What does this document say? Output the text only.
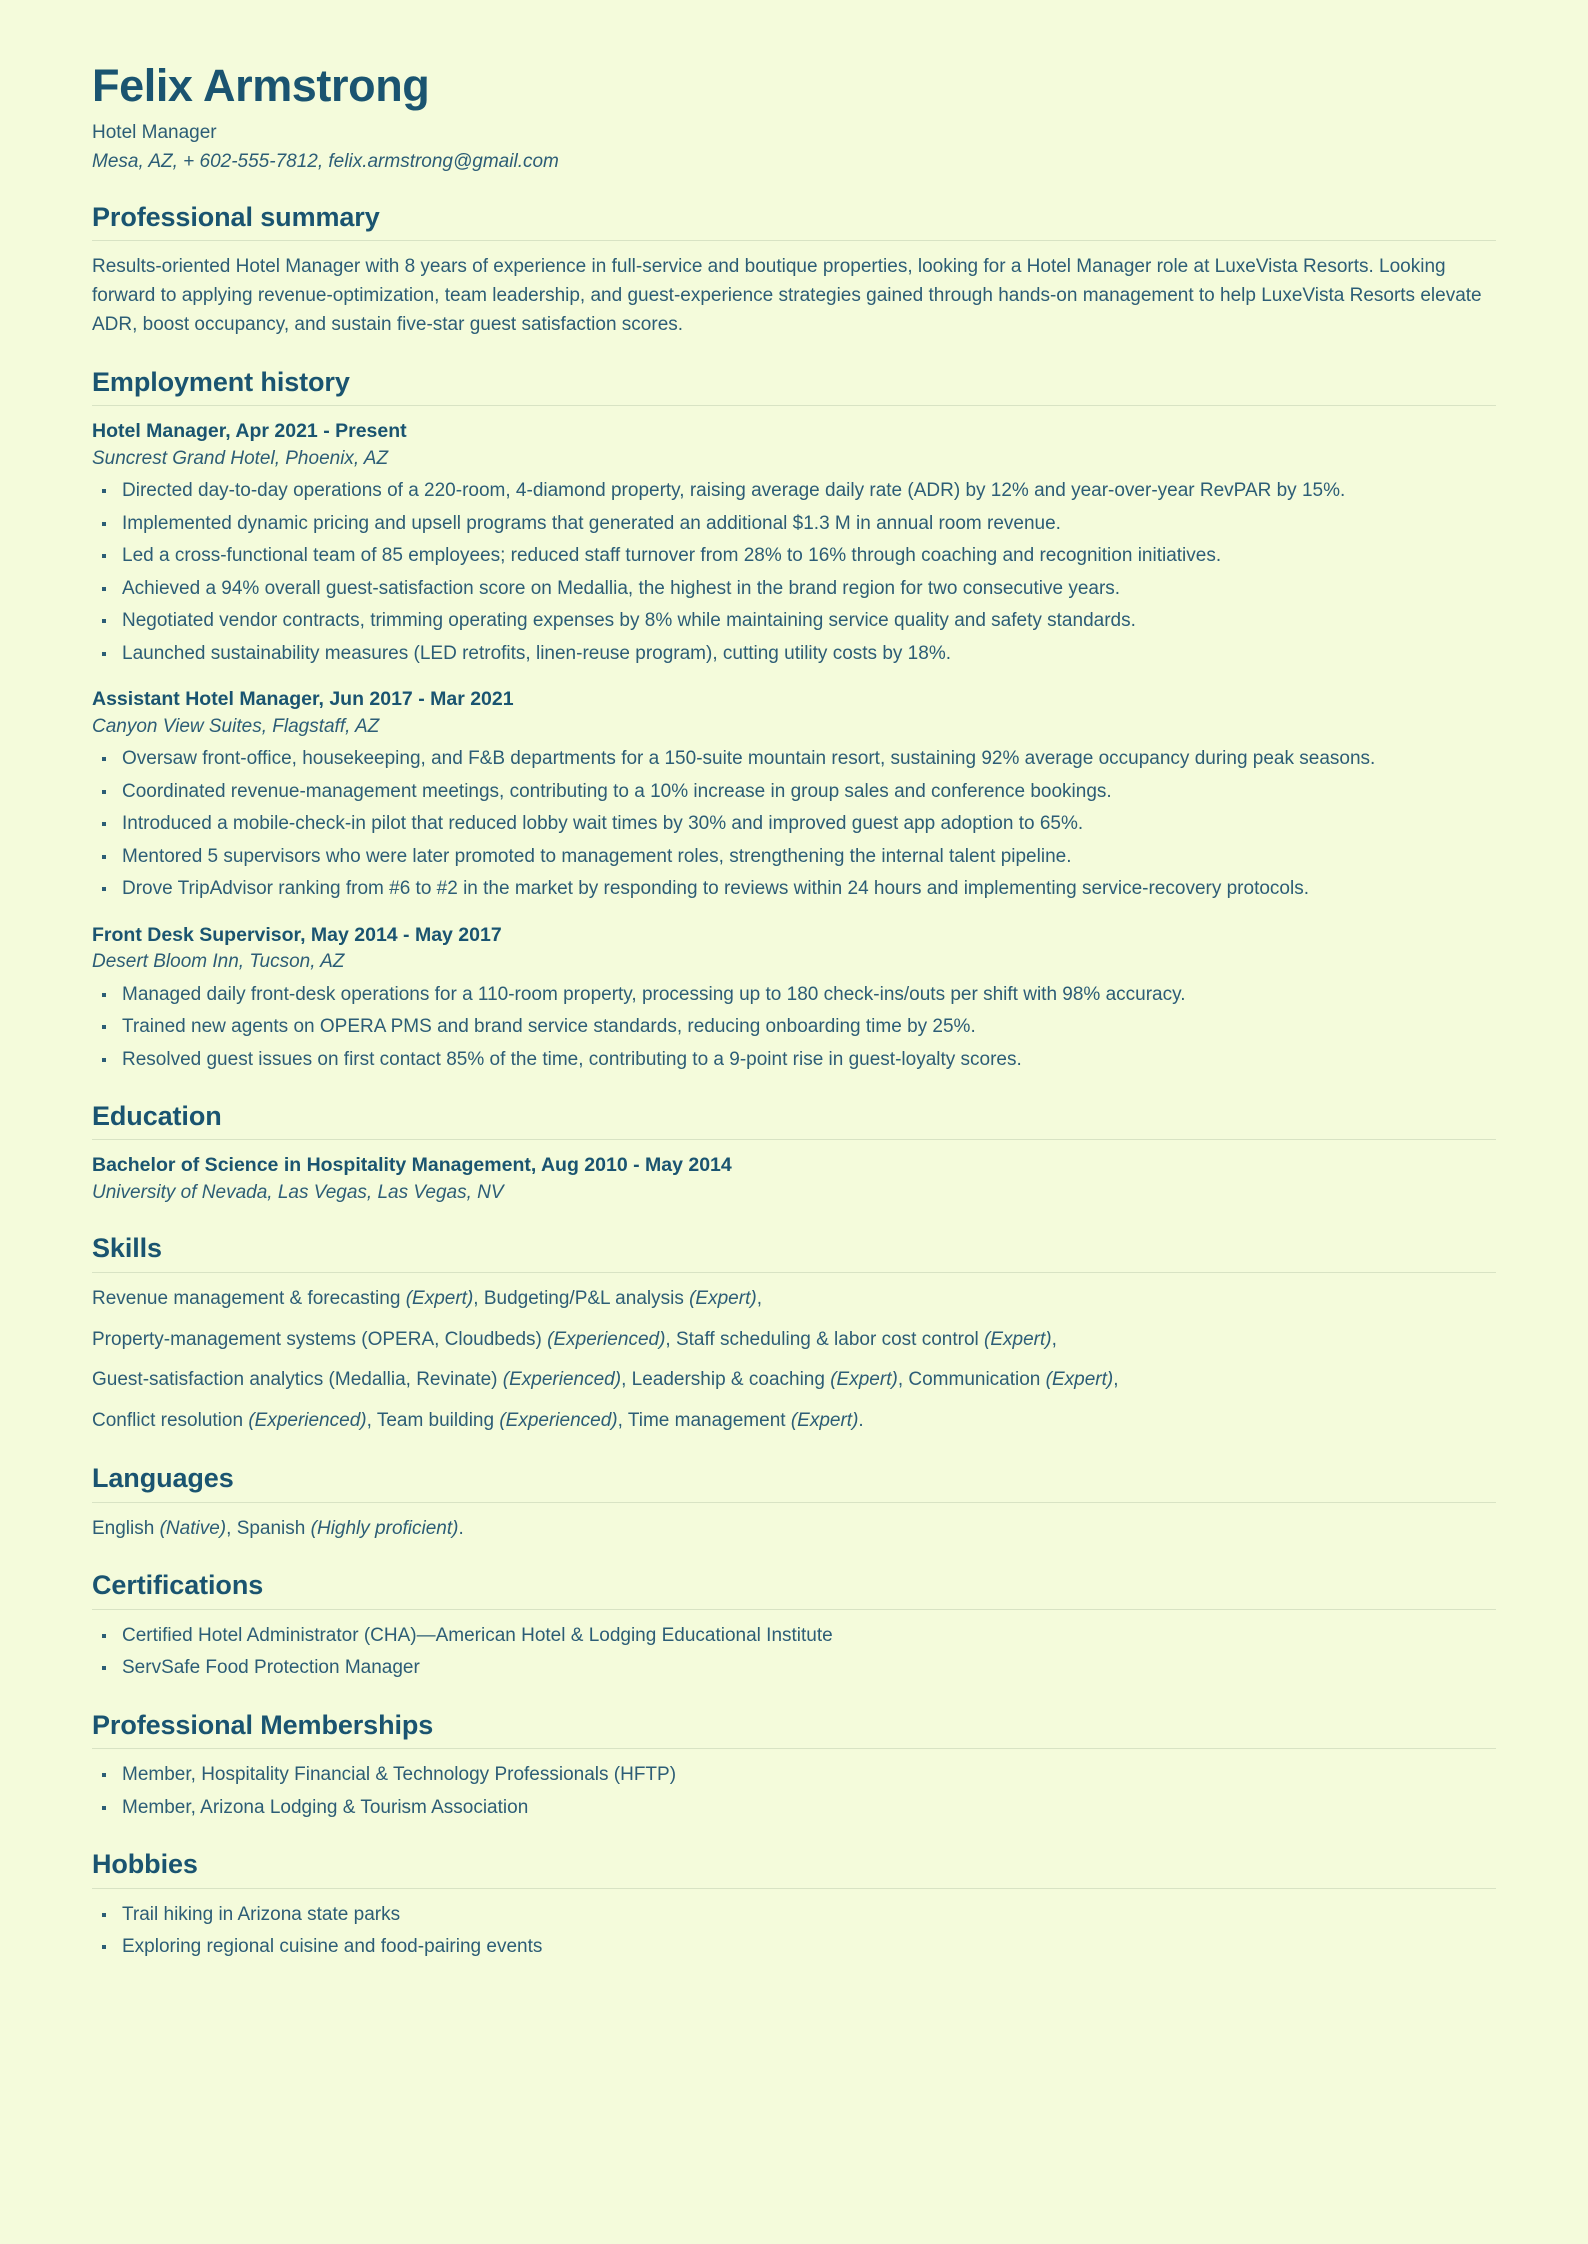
Felix Armstrong
Hotel Manager
Mesa, AZ, + 602-555-7812, felix.armstrong@gmail.com
Professional summary

Results-oriented Hotel Manager with 8 years of experience in full-service and boutique properties, looking for a Hotel Manager role at LuxeVista Resorts. Looking forward to applying revenue-optimization, team leadership, and guest-experience strategies gained through hands-on management to help LuxeVista Resorts elevate ADR, boost occupancy, and sustain five-star guest satisfaction scores.

Employment history
Hotel Manager, Apr 2021 - Present
Suncrest Grand Hotel, Phoenix, AZ
Directed day-to-day operations of a 220-room, 4-diamond property, raising average daily rate (ADR) by 12% and year-over-year RevPAR by 15%.
Implemented dynamic pricing and upsell programs that generated an additional $1.3 M in annual room revenue.
Led a cross-functional team of 85 employees; reduced staff turnover from 28% to 16% through coaching and recognition initiatives.
Achieved a 94% overall guest-satisfaction score on Medallia, the highest in the brand region for two consecutive years.
Negotiated vendor contracts, trimming operating expenses by 8% while maintaining service quality and safety standards.
Launched sustainability measures (LED retrofits, linen-reuse program), cutting utility costs by 18%.
Assistant Hotel Manager, Jun 2017 - Mar 2021
Canyon View Suites, Flagstaff, AZ
Oversaw front-office, housekeeping, and F&B departments for a 150-suite mountain resort, sustaining 92% average occupancy during peak seasons.
Coordinated revenue-management meetings, contributing to a 10% increase in group sales and conference bookings.
Introduced a mobile-check-in pilot that reduced lobby wait times by 30% and improved guest app adoption to 65%.
Mentored 5 supervisors who were later promoted to management roles, strengthening the internal talent pipeline.
Drove TripAdvisor ranking from #6 to #2 in the market by responding to reviews within 24 hours and implementing service-recovery protocols.
Front Desk Supervisor, May 2014 - May 2017
Desert Bloom Inn, Tucson, AZ
Managed daily front-desk operations for a 110-room property, processing up to 180 check-ins/outs per shift with 98% accuracy.
Trained new agents on OPERA PMS and brand service standards, reducing onboarding time by 25%.
Resolved guest issues on first contact 85% of the time, contributing to a 9-point rise in guest-loyalty scores.
Education
Bachelor of Science in Hospitality Management, Aug 2010 - May 2014
University of Nevada, Las Vegas, Las Vegas, NV
Skills
Revenue management & forecasting (Expert), Budgeting/P&L analysis (Expert),
Property-management systems (OPERA, Cloudbeds) (Experienced), Staff scheduling & labor cost control (Expert),
Guest-satisfaction analytics (Medallia, Revinate) (Experienced), Leadership & coaching (Expert), Communication (Expert),
Conflict resolution (Experienced), Team building (Experienced), Time management (Expert).
Languages
English (Native), Spanish (Highly proficient).
Certifications
Certified Hotel Administrator (CHA)—American Hotel & Lodging Educational Institute
ServSafe Food Protection Manager
Professional Memberships
Member, Hospitality Financial & Technology Professionals (HFTP)
Member, Arizona Lodging & Tourism Association
Hobbies
Trail hiking in Arizona state parks
Exploring regional cuisine and food-pairing events
